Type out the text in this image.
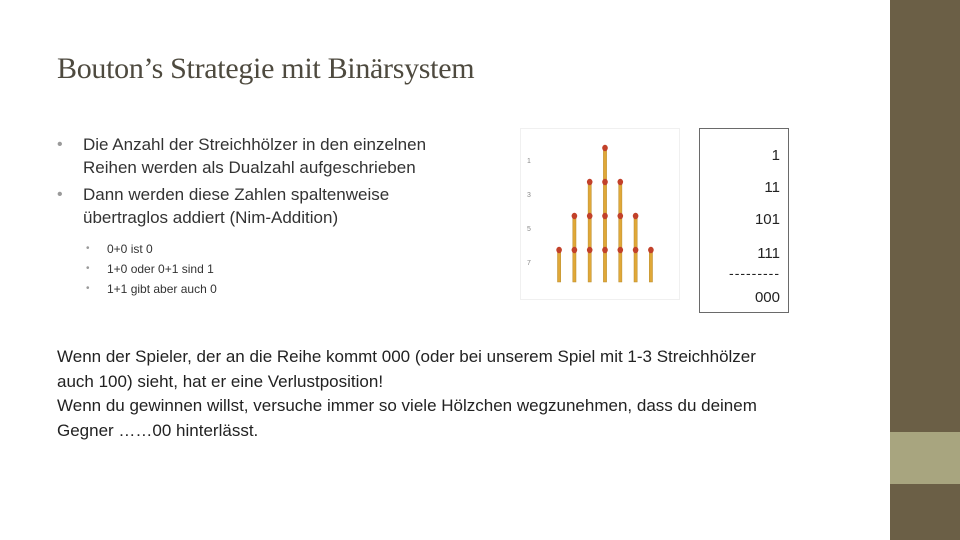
Bouton’s Strategie mit Binärsystem
• Die Anzahl der Streichhölzer in den einzelnen Reihen werden als Dualzahl aufgeschrieben
• Dann werden diese Zahlen spaltenweise übertraglos addiert (Nim-Addition)
• 0+0 ist 0
• 1+0 oder 0+1 sind 1
• 1+1 gibt aber auch 0
1
3
5
7
1
11
101
111
---------
000
Wenn der Spieler, der an die Reihe kommt 000 (oder bei unserem Spiel mit 1-3 Streichhölzer
auch 100) sieht, hat er eine Verlustposition!
Wenn du gewinnen willst, versuche immer so viele Hölzchen wegzunehmen, dass du deinem
Gegner ……00 hinterlässt.
